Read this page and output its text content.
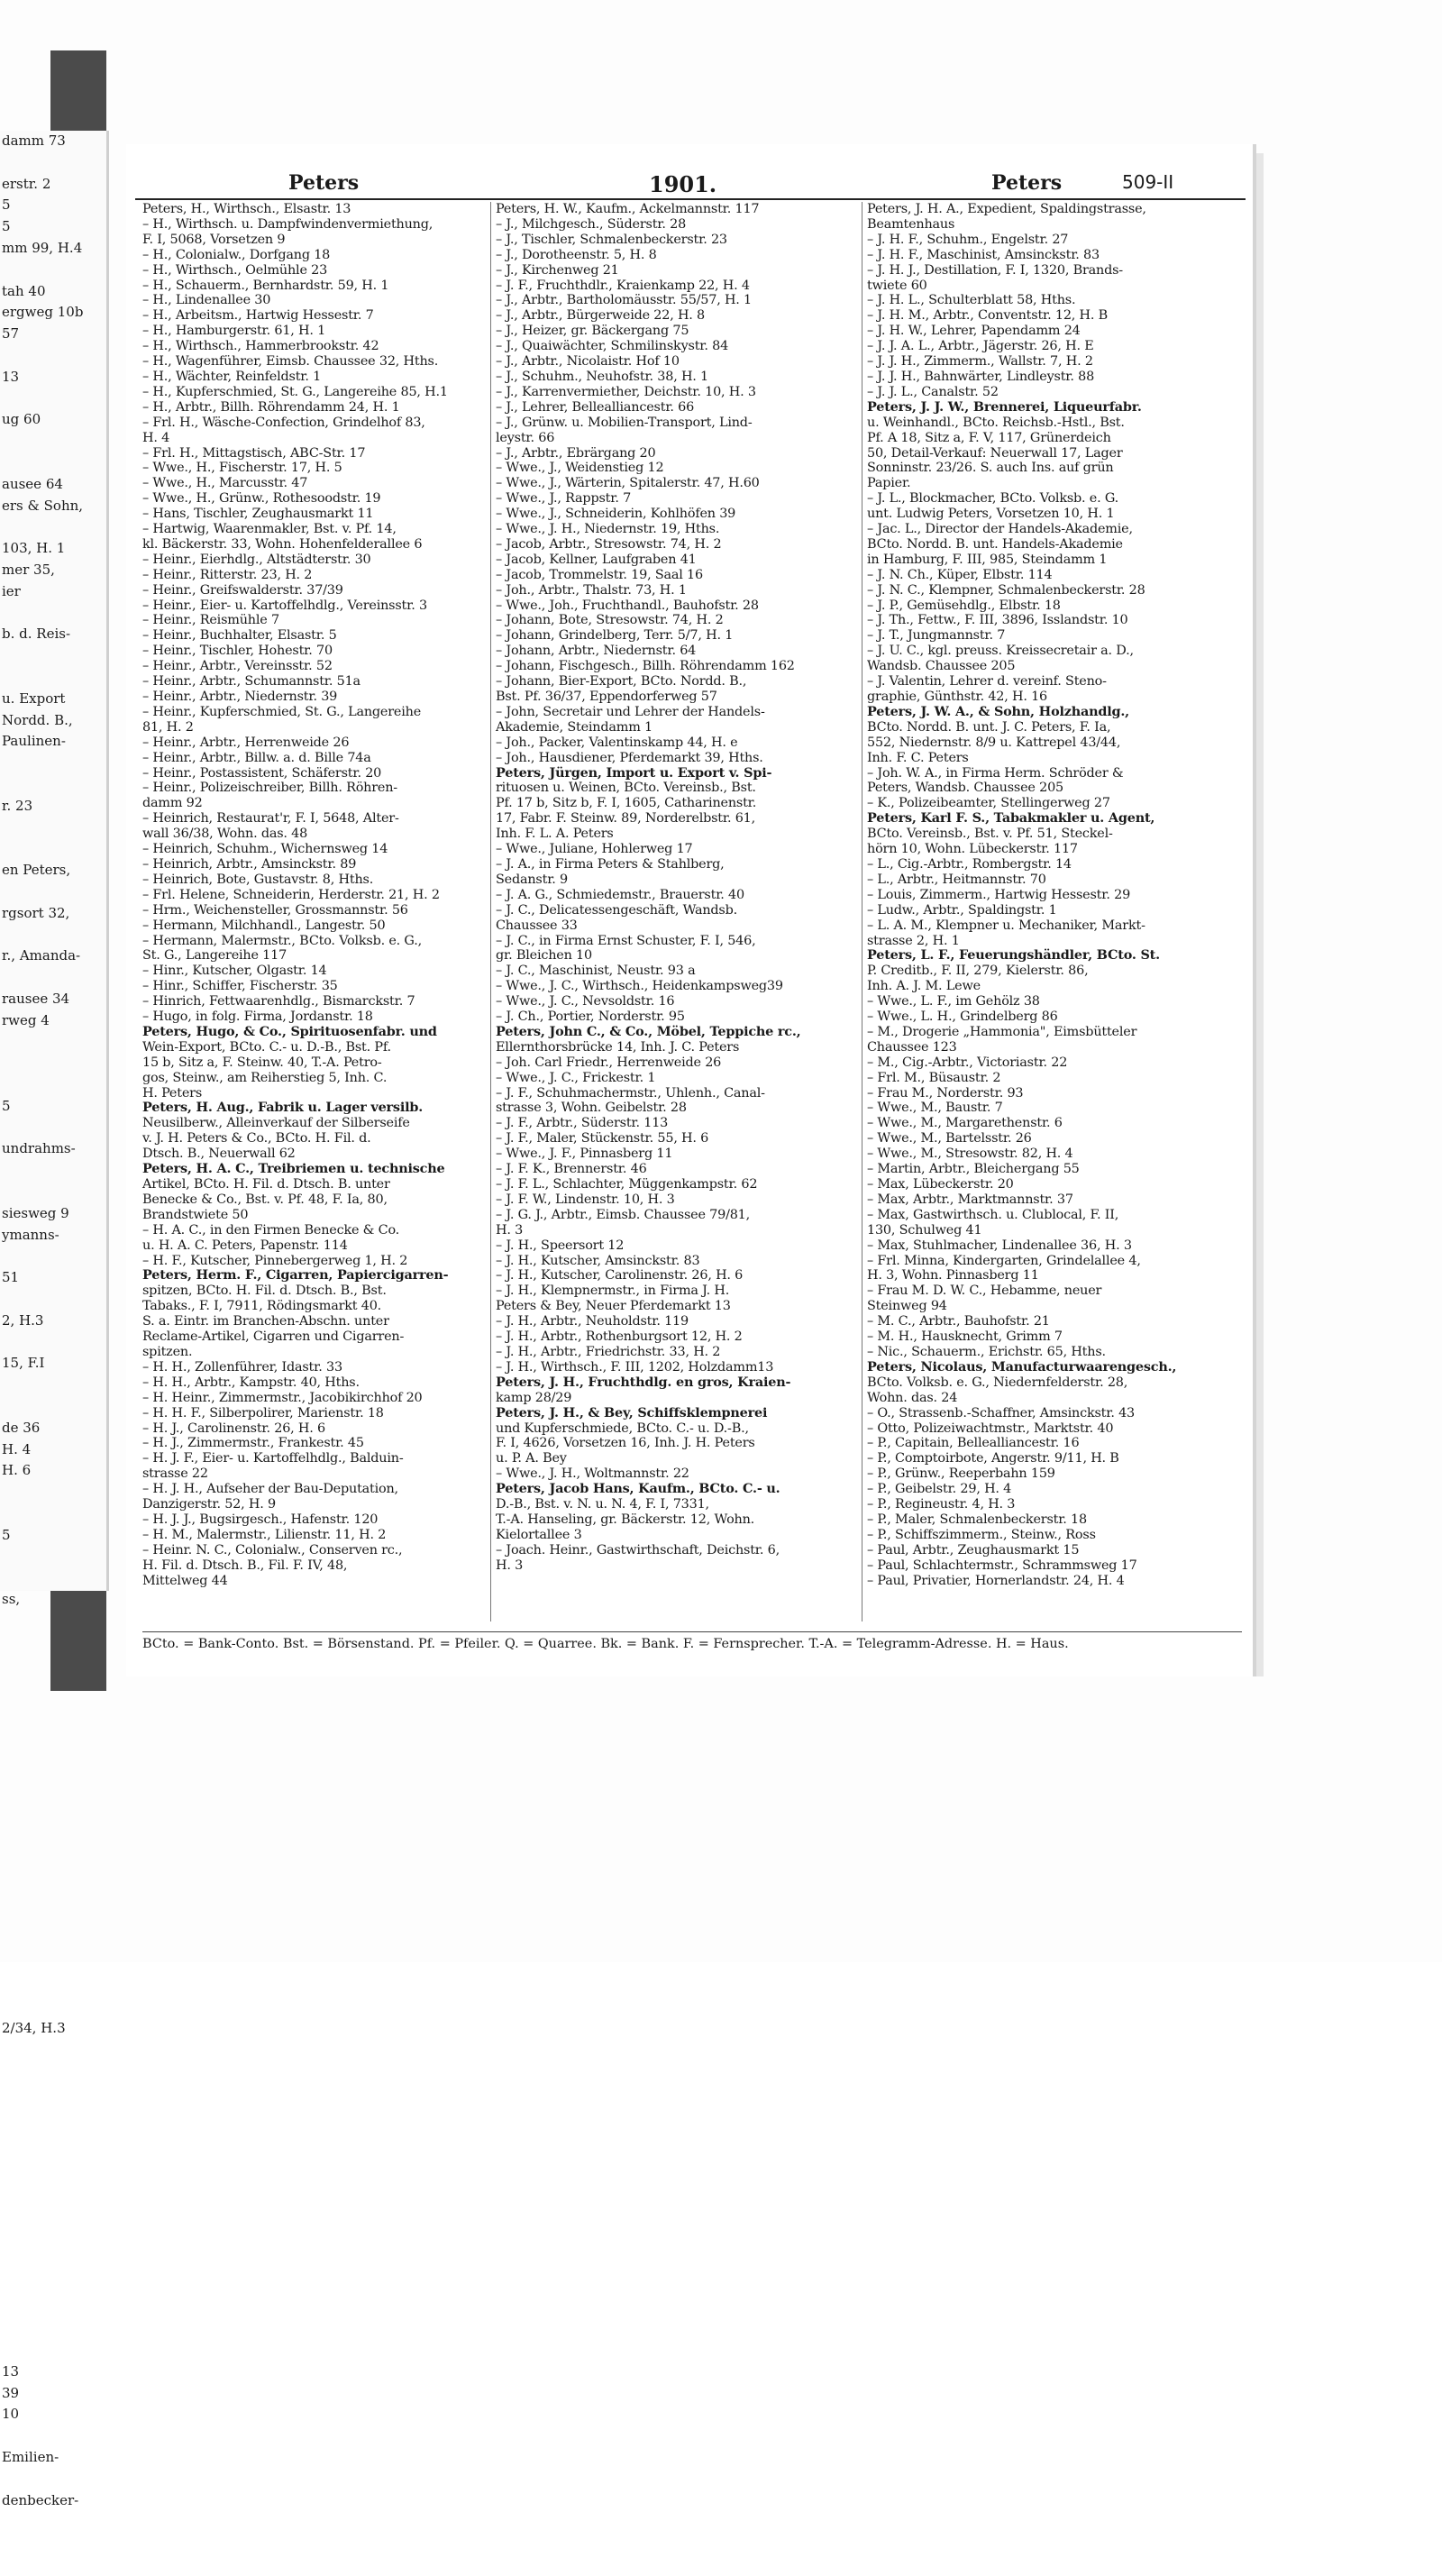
damm 73
erstr. 2
5
5
mm 99, H.4
tah 40
ergweg 10b
57
13
ug 60
ausee 64
ers & Sohn,
103, H. 1
mer 35,
ier
b. d. Reis-
u. Export
Nordd. B.,
Paulinen-
r. 23
en Peters,
rgsort 32,
r., Amanda-
rausee 34
rweg 4
5
undrahms-
siesweg 9
ymanns-
51
2, H.3
15, F.I
de 36
H. 4
H. 6
5
ss,
2/34, H.3
13
39
10
Emilien-
denbecker-
Peters	1901.	Peters	509-II
Peters, H., Wirthsch., Elsastr. 13
– H., Wirthsch. u. Dampfwindenvermiethung,
F. I, 5068, Vorsetzen 9
– H., Colonialw., Dorfgang 18
– H., Wirthsch., Oelmühle 23
– H., Schauerm., Bernhardstr. 59, H. 1
– H., Lindenallee 30
– H., Arbeitsm., Hartwig Hessestr. 7
– H., Hamburgerstr. 61, H. 1
– H., Wirthsch., Hammerbrookstr. 42
– H., Wagenführer, Eimsb. Chaussee 32, Hths.
– H., Wächter, Reinfeldstr. 1
– H., Kupferschmied, St. G., Langereihe 85, H.1
– H., Arbtr., Billh. Röhrendamm 24, H. 1
– Frl. H., Wäsche-Confection, Grindelhof 83,
H. 4
– Frl. H., Mittagstisch, ABC-Str. 17
– Wwe., H., Fischerstr. 17, H. 5
– Wwe., H., Marcusstr. 47
– Wwe., H., Grünw., Rothesoodstr. 19
– Hans, Tischler, Zeughausmarkt 11
– Hartwig, Waarenmakler, Bst. v. Pf. 14,
kl. Bäckerstr. 33, Wohn. Hohenfelderallee 6
– Heinr., Eierhdlg., Altstädterstr. 30
– Heinr., Ritterstr. 23, H. 2
– Heinr., Greifswalderstr. 37/39
– Heinr., Eier- u. Kartoffelhdlg., Vereinsstr. 3
– Heinr., Reismühle 7
– Heinr., Buchhalter, Elsastr. 5
– Heinr., Tischler, Hohestr. 70
– Heinr., Arbtr., Vereinsstr. 52
– Heinr., Arbtr., Schumannstr. 51a
– Heinr., Arbtr., Niedernstr. 39
– Heinr., Kupferschmied, St. G., Langereihe
81, H. 2
– Heinr., Arbtr., Herrenweide 26
– Heinr., Arbtr., Billw. a. d. Bille 74a
– Heinr., Postassistent, Schäferstr. 20
– Heinr., Polizeischreiber, Billh. Röhren-
damm 92
– Heinrich, Restaurat'r, F. I, 5648, Alter-
wall 36/38, Wohn. das. 48
– Heinrich, Schuhm., Wichernsweg 14
– Heinrich, Arbtr., Amsinckstr. 89
– Heinrich, Bote, Gustavstr. 8, Hths.
– Frl. Helene, Schneiderin, Herderstr. 21, H. 2
– Hrm., Weichensteller, Grossmannstr. 56
– Hermann, Milchhandl., Langestr. 50
– Hermann, Malermstr., BCto. Volksb. e. G.,
St. G., Langereihe 117
– Hinr., Kutscher, Olgastr. 14
– Hinr., Schiffer, Fischerstr. 35
– Hinrich, Fettwaarenhdlg., Bismarckstr. 7
– Hugo, in folg. Firma, Jordanstr. 18
Peters, Hugo, & Co., Spirituosenfabr. und
Wein-Export, BCto. C.- u. D.-B., Bst. Pf.
15 b, Sitz a, F. Steinw. 40, T.-A. Petro-
gos, Steinw., am Reiherstieg 5, Inh. C.
H. Peters
Peters, H. Aug., Fabrik u. Lager versilb.
Neusilberw., Alleinverkauf der Silberseife
v. J. H. Peters & Co., BCto. H. Fil. d.
Dtsch. B., Neuerwall 62
Peters, H. A. C., Treibriemen u. technische
Artikel, BCto. H. Fil. d. Dtsch. B. unter
Benecke & Co., Bst. v. Pf. 48, F. Ia, 80,
Brandstwiete 50
– H. A. C., in den Firmen Benecke & Co.
u. H. A. C. Peters, Papenstr. 114
– H. F., Kutscher, Pinnebergerweg 1, H. 2
Peters, Herm. F., Cigarren, Papiercigarren-
spitzen, BCto. H. Fil. d. Dtsch. B., Bst.
Tabaks., F. I, 7911, Rödingsmarkt 40.
S. a. Eintr. im Branchen-Abschn. unter
Reclame-Artikel, Cigarren und Cigarren-
spitzen.
– H. H., Zollenführer, Idastr. 33
– H. H., Arbtr., Kampstr. 40, Hths.
– H. Heinr., Zimmermstr., Jacobikirchhof 20
– H. H. F., Silberpolirer, Marienstr. 18
– H. J., Carolinenstr. 26, H. 6
– H. J., Zimmermstr., Frankestr. 45
– H. J. F., Eier- u. Kartoffelhdlg., Balduin-
strasse 22
– H. J. H., Aufseher der Bau-Deputation,
Danzigerstr. 52, H. 9
– H. J. J., Bugsirgesch., Hafenstr. 120
– H. M., Malermstr., Lilienstr. 11, H. 2
– Heinr. N. C., Colonialw., Conserven rc.,
H. Fil. d. Dtsch. B., Fil. F. IV, 48,
Mittelweg 44
Peters, H. W., Kaufm., Ackelmannstr. 117
– J., Milchgesch., Süderstr. 28
– J., Tischler, Schmalenbeckerstr. 23
– J., Dorotheenstr. 5, H. 8
– J., Kirchenweg 21
– J. F., Fruchthdlr., Kraienkamp 22, H. 4
– J., Arbtr., Bartholomäusstr. 55/57, H. 1
– J., Arbtr., Bürgerweide 22, H. 8
– J., Heizer, gr. Bäckergang 75
– J., Quaiwächter, Schmilinskystr. 84
– J., Arbtr., Nicolaistr. Hof 10
– J., Schuhm., Neuhofstr. 38, H. 1
– J., Karrenvermiether, Deichstr. 10, H. 3
– J., Lehrer, Bellealliancestr. 66
– J., Grünw. u. Mobilien-Transport, Lind-
leystr. 66
– J., Arbtr., Ebrärgang 20
– Wwe., J., Weidenstieg 12
– Wwe., J., Wärterin, Spitalerstr. 47, H.60
– Wwe., J., Rappstr. 7
– Wwe., J., Schneiderin, Kohlhöfen 39
– Wwe., J. H., Niedernstr. 19, Hths.
– Jacob, Arbtr., Stresowstr. 74, H. 2
– Jacob, Kellner, Laufgraben 41
– Jacob, Trommelstr. 19, Saal 16
– Joh., Arbtr., Thalstr. 73, H. 1
– Wwe., Joh., Fruchthandl., Bauhofstr. 28
– Johann, Bote, Stresowstr. 74, H. 2
– Johann, Grindelberg, Terr. 5/7, H. 1
– Johann, Arbtr., Niedernstr. 64
– Johann, Fischgesch., Billh. Röhrendamm 162
– Johann, Bier-Export, BCto. Nordd. B.,
Bst. Pf. 36/37, Eppendorferweg 57
– John, Secretair und Lehrer der Handels-
Akademie, Steindamm 1
– Joh., Packer, Valentinskamp 44, H. e
– Joh., Hausdiener, Pferdemarkt 39, Hths.
Peters, Jürgen, Import u. Export v. Spi-
rituosen u. Weinen, BCto. Vereinsb., Bst.
Pf. 17 b, Sitz b, F. I, 1605, Catharinenstr.
17, Fabr. F. Steinw. 89, Norderelbstr. 61,
Inh. F. L. A. Peters
– Wwe., Juliane, Hohlerweg 17
– J. A., in Firma Peters & Stahlberg,
Sedanstr. 9
– J. A. G., Schmiedemstr., Brauerstr. 40
– J. C., Delicatessengeschäft, Wandsb.
Chaussee 33
– J. C., in Firma Ernst Schuster, F. I, 546,
gr. Bleichen 10
– J. C., Maschinist, Neustr. 93 a
– Wwe., J. C., Wirthsch., Heidenkampsweg39
– Wwe., J. C., Nevsoldstr. 16
– J. Ch., Portier, Norderstr. 95
Peters, John C., & Co., Möbel, Teppiche rc.,
Ellernthorsbrücke 14, Inh. J. C. Peters
– Joh. Carl Friedr., Herrenweide 26
– Wwe., J. C., Frickestr. 1
– J. F., Schuhmachermstr., Uhlenh., Canal-
strasse 3, Wohn. Geibelstr. 28
– J. F., Arbtr., Süderstr. 113
– J. F., Maler, Stückenstr. 55, H. 6
– Wwe., J. F., Pinnasberg 11
– J. F. K., Brennerstr. 46
– J. F. L., Schlachter, Müggenkampstr. 62
– J. F. W., Lindenstr. 10, H. 3
– J. G. J., Arbtr., Eimsb. Chaussee 79/81,
H. 3
– J. H., Speersort 12
– J. H., Kutscher, Amsinckstr. 83
– J. H., Kutscher, Carolinenstr. 26, H. 6
– J. H., Klempnermstr., in Firma J. H.
Peters & Bey, Neuer Pferdemarkt 13
– J. H., Arbtr., Neuholdstr. 119
– J. H., Arbtr., Rothenburgsort 12, H. 2
– J. H., Arbtr., Friedrichstr. 33, H. 2
– J. H., Wirthsch., F. III, 1202, Holzdamm13
Peters, J. H., Fruchthdlg. en gros, Kraien-
kamp 28/29
Peters, J. H., & Bey, Schiffsklempnerei
und Kupferschmiede, BCto. C.- u. D.-B.,
F. I, 4626, Vorsetzen 16, Inh. J. H. Peters
u. P. A. Bey
– Wwe., J. H., Woltmannstr. 22
Peters, Jacob Hans, Kaufm., BCto. C.- u.
D.-B., Bst. v. N. u. N. 4, F. I, 7331,
T.-A. Hanseling, gr. Bäckerstr. 12, Wohn.
Kielortallee 3
– Joach. Heinr., Gastwirthschaft, Deichstr. 6,
H. 3
Peters, J. H. A., Expedient, Spaldingstrasse,
Beamtenhaus
– J. H. F., Schuhm., Engelstr. 27
– J. H. F., Maschinist, Amsinckstr. 83
– J. H. J., Destillation, F. I, 1320, Brands-
twiete 60
– J. H. L., Schulterblatt 58, Hths.
– J. H. M., Arbtr., Conventstr. 12, H. B
– J. H. W., Lehrer, Papendamm 24
– J. J. A. L., Arbtr., Jägerstr. 26, H. E
– J. J. H., Zimmerm., Wallstr. 7, H. 2
– J. J. H., Bahnwärter, Lindleystr. 88
– J. J. L., Canalstr. 52
Peters, J. J. W., Brennerei, Liqueurfabr.
u. Weinhandl., BCto. Reichsb.-Hstl., Bst.
Pf. A 18, Sitz a, F. V, 117, Grünerdeich
50, Detail-Verkauf: Neuerwall 17, Lager
Sonninstr. 23/26. S. auch Ins. auf grün
Papier.
– J. L., Blockmacher, BCto. Volksb. e. G.
unt. Ludwig Peters, Vorsetzen 10, H. 1
– Jac. L., Director der Handels-Akademie,
BCto. Nordd. B. unt. Handels-Akademie
in Hamburg, F. III, 985, Steindamm 1
– J. N. Ch., Küper, Elbstr. 114
– J. N. C., Klempner, Schmalenbeckerstr. 28
– J. P., Gemüsehdlg., Elbstr. 18
– J. Th., Fettw., F. III, 3896, Isslandstr. 10
– J. T., Jungmannstr. 7
– J. U. C., kgl. preuss. Kreissecretair a. D.,
Wandsb. Chaussee 205
– J. Valentin, Lehrer d. vereinf. Steno-
graphie, Günthstr. 42, H. 16
Peters, J. W. A., & Sohn, Holzhandlg.,
BCto. Nordd. B. unt. J. C. Peters, F. Ia,
552, Niedernstr. 8/9 u. Kattrepel 43/44,
Inh. F. C. Peters
– Joh. W. A., in Firma Herm. Schröder &
Peters, Wandsb. Chaussee 205
– K., Polizeibeamter, Stellingerweg 27
Peters, Karl F. S., Tabakmakler u. Agent,
BCto. Vereinsb., Bst. v. Pf. 51, Steckel-
hörn 10, Wohn. Lübeckerstr. 117
– L., Cig.-Arbtr., Rombergstr. 14
– L., Arbtr., Heitmannstr. 70
– Louis, Zimmerm., Hartwig Hessestr. 29
– Ludw., Arbtr., Spaldingstr. 1
– L. A. M., Klempner u. Mechaniker, Markt-
strasse 2, H. 1
Peters, L. F., Feuerungshändler, BCto. St.
P. Creditb., F. II, 279, Kielerstr. 86,
Inh. A. J. M. Lewe
– Wwe., L. F., im Gehölz 38
– Wwe., L. H., Grindelberg 86
– M., Drogerie „Hammonia", Eimsbütteler
Chaussee 123
– M., Cig.-Arbtr., Victoriastr. 22
– Frl. M., Büsaustr. 2
– Frau M., Norderstr. 93
– Wwe., M., Baustr. 7
– Wwe., M., Margarethenstr. 6
– Wwe., M., Bartelsstr. 26
– Wwe., M., Stresowstr. 82, H. 4
– Martin, Arbtr., Bleichergang 55
– Max, Lübeckerstr. 20
– Max, Arbtr., Marktmannstr. 37
– Max, Gastwirthsch. u. Clublocal, F. II,
130, Schulweg 41
– Max, Stuhlmacher, Lindenallee 36, H. 3
– Frl. Minna, Kindergarten, Grindelallee 4,
H. 3, Wohn. Pinnasberg 11
– Frau M. D. W. C., Hebamme, neuer
Steinweg 94
– M. C., Arbtr., Bauhofstr. 21
– M. H., Hausknecht, Grimm 7
– Nic., Schauerm., Erichstr. 65, Hths.
Peters, Nicolaus, Manufacturwaarengesch.,
BCto. Volksb. e. G., Niedernfelderstr. 28,
Wohn. das. 24
– O., Strassenb.-Schaffner, Amsinckstr. 43
– Otto, Polizeiwachtmstr., Marktstr. 40
– P., Capitain, Bellealliancestr. 16
– P., Comptoirbote, Angerstr. 9/11, H. B
– P., Grünw., Reeperbahn 159
– P., Geibelstr. 29, H. 4
– P., Regineustr. 4, H. 3
– P., Maler, Schmalenbeckerstr. 18
– P., Schiffszimmerm., Steinw., Ross
– Paul, Arbtr., Zeughausmarkt 15
– Paul, Schlachtermstr., Schrammsweg 17
– Paul, Privatier, Hornerlandstr. 24, H. 4
BCto. = Bank-Conto. Bst. = Börsenstand. Pf. = Pfeiler. Q. = Quarree. Bk. = Bank. F. = Fernsprecher. T.-A. = Telegramm-Adresse. H. = Haus.
